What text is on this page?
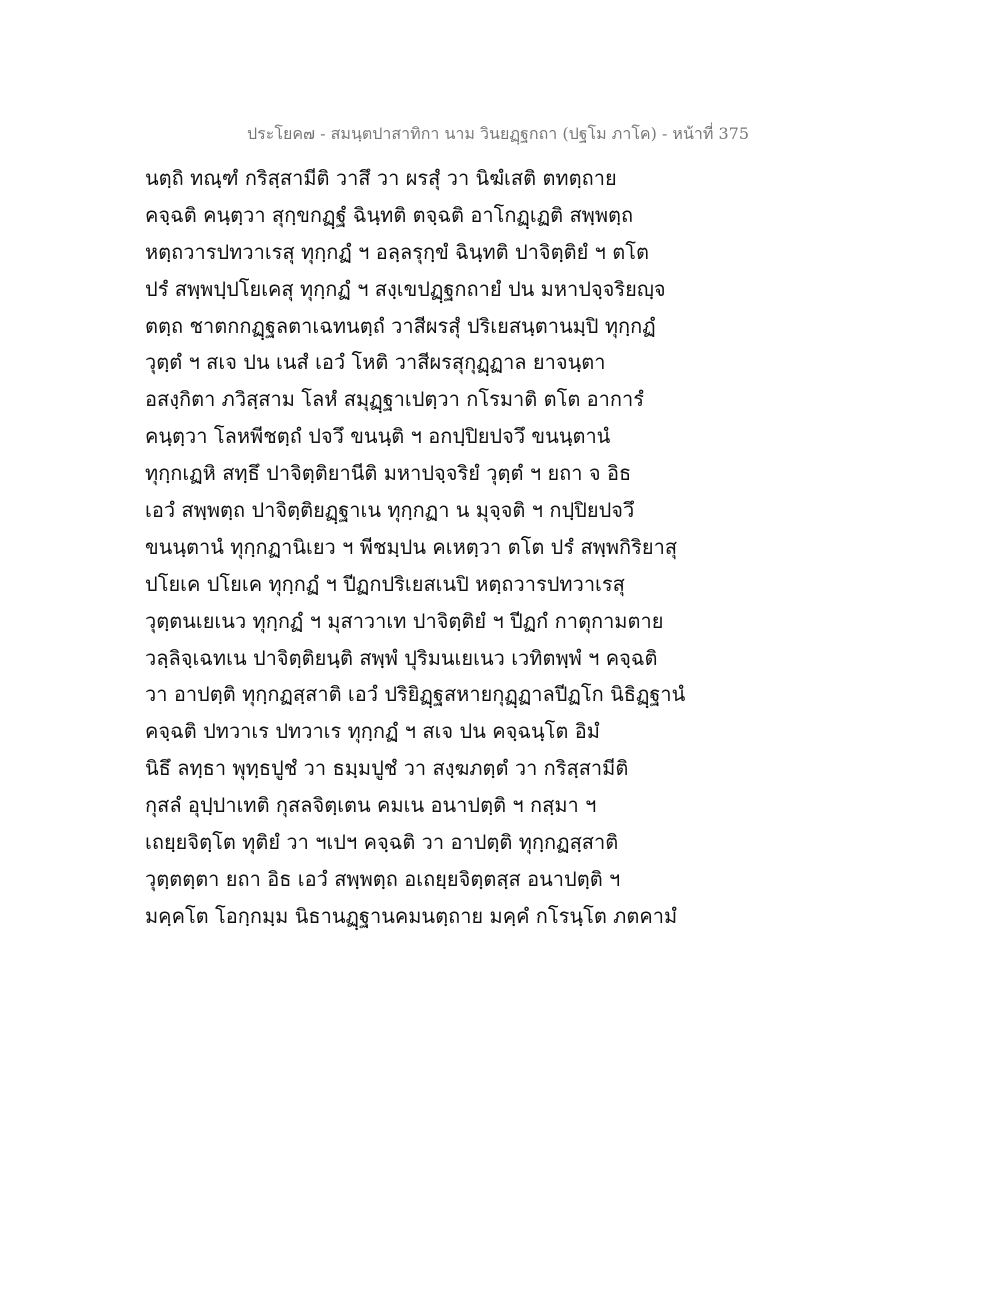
ประโยค๗ - สมนฺตปาสาทิกา นาม วินยฏฺฐกถา (ปฐโม ภาโค) - หน้าที่ 375
นตฺถิ ทณฺฑํ กริสฺสามีติ วาสึ วา ผรสุํ วา นิฆํเสติ ตทตฺถาย
คจฺฉติ คนฺตฺวา สุกฺขกฏฺฐํ ฉินฺทติ ตจฺฉติ อาโกฏฺเฏติ สพฺพตฺถ
หตฺถวารปทวาเรสุ ทุกฺกฏํ ฯ อลฺลรุกฺขํ ฉินฺทติ ปาจิตฺติยํ ฯ ตโต
ปรํ สพฺพปฺปโยเคสุ ทุกฺกฏํ ฯ สงฺเขปฏฺฐกถายํ ปน มหาปจฺจริยญฺจ
ตตฺถ ชาตกกฏฺฐลตาเฉทนตฺถํ วาสีผรสุํ ปริเยสนฺตานมฺปิ ทุกฺกฏํ
วุตฺตํ ฯ สเจ ปน เนสํ เอวํ โหติ วาสีผรสุกุฏฺฏาล ยาจนฺตา
อสงฺกิตา ภวิสฺสาม โลหํ สมุฏฺฐาเปตฺวา กโรมาติ ตโต อาการํ
คนฺตฺวา โลหพีชตฺถํ ปจวึ ขนนฺติ ฯ อกปฺปิยปจวึ ขนนฺตานํ
ทุกฺกเฏหิ สทฺธึ ปาจิตฺติยานีติ มหาปจฺจริยํ วุตฺตํ ฯ ยถา จ อิธ
เอวํ สพฺพตฺถ ปาจิตฺติยฏฺฐาเน ทุกฺกฏา น มุจฺจติ ฯ กปฺปิยปจวึ
ขนนฺตานํ ทุกฺกฏานิเยว ฯ พีชมฺปน คเหตฺวา ตโต ปรํ สพฺพกิริยาสุ
ปโยเค ปโยเค ทุกฺกฏํ ฯ ปีฏกปริเยสเนปิ หตฺถวารปทวาเรสุ
วุตฺตนเยเนว ทุกฺกฏํ ฯ มุสาวาเท ปาจิตฺติยํ ฯ ปีฏกํ กาตุกามตาย
วลฺลิจฺเฉทเน ปาจิตฺติยนฺติ สพฺพํ ปุริมนเยเนว เวทิตพฺพํ ฯ คจฺฉติ
วา อาปตฺติ ทุกฺกฏสฺสาติ เอวํ ปริยิฏฺฐสหายกุฏฺฏาลปีฏโก นิธิฏฺฐานํ
คจฺฉติ ปทวาเร ปทวาเร ทุกฺกฏํ ฯ สเจ ปน คจฺฉนฺโต อิมํ
นิธึ ลทฺธา พุทฺธปูชํ วา ธมฺมปูชํ วา สงฺฆภตฺตํ วา กริสฺสามีติ
กุสลํ อุปฺปาเทติ กุสลจิตฺเตน คมเน อนาปตฺติ ฯ กสฺมา ฯ
เถยฺยจิตฺโต ทุติยํ วา ฯเปฯ คจฺฉติ วา อาปตฺติ ทุกฺกฏสฺสาติ
วุตฺตตฺตา ยถา อิธ เอวํ สพฺพตฺถ อเถยฺยจิตฺตสฺส อนาปตฺติ ฯ
มคฺคโต โอกฺกมฺม นิธานฏฺฐานคมนตฺถาย มคฺคํ กโรนฺโต ภตคามํ
